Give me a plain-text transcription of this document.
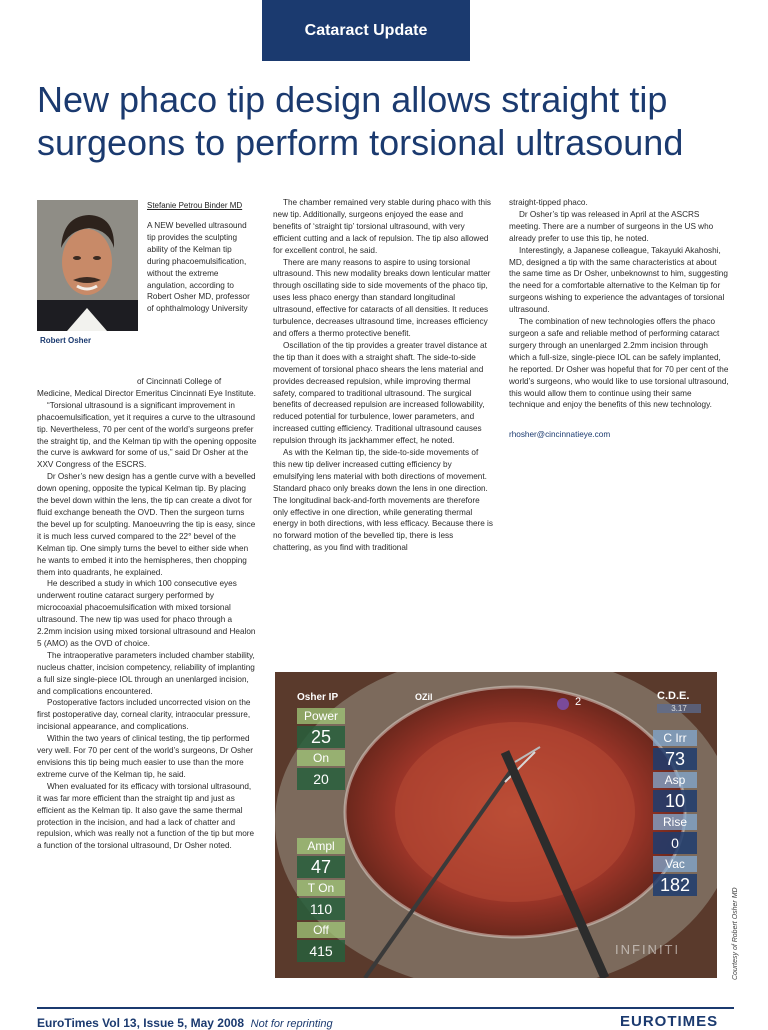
Cataract Update
New phaco tip design allows straight tip surgeons to perform torsional ultrasound
Robert Osher
Stefanie Petrou Binder MD

A NEW bevelled ultrasound tip provides the sculpting ability of the Kelman tip during phacoemulsification, without the extreme angulation, according to Robert Osher MD, professor of ophthalmology University

of Cincinnati College of Medicine, Medical Director Emeritus Cincinnati Eye Institute.

“Torsional ultrasound is a significant improvement in phacoemulsification, yet it requires a curve to the ultrasound tip. Nevertheless, 70 per cent of the world’s surgeons prefer the straight tip, and the Kelman tip with the opening opposite the curve is awkward for some of us,” said Dr Osher at the XXV Congress of the ESCRS.

Dr Osher’s new design has a gentle curve with a bevelled down opening, opposite the typical Kelman tip. By placing the bevel down within the lens, the tip can create a divot for fluid exchange beneath the OVD. Then the surgeon turns the bevel up for sculpting. Manoeuvring the tip is easy, since it is much less curved compared to the 22° bevel of the Kelman tip. One simply turns the bevel to either side when he wants to embed it into the hemispheres, then chopping them into quadrants, he explained.

He described a study in which 100 consecutive eyes underwent routine cataract surgery performed by microcoaxial phacoemulsification with mixed torsional ultrasound. The new tip was used for phaco through a 2.2mm incision using mixed torsional ultrasound and Healon 5 (AMO) as the OVD of choice.

The intraoperative parameters included chamber stability, nucleus chatter, incision competency, reliability of implanting a full size single-piece IOL through an unenlarged incision, and complications encountered.

Postoperative factors included uncorrected vision on the first postoperative day, corneal clarity, intraocular pressure, incisional appearance, and complications.

Within the two years of clinical testing, the tip performed very well. For 70 per cent of the world’s surgeons, Dr Osher envisions this tip being much easier to use than the more extreme curve of the Kelman tip, he said.

When evaluated for its efficacy with torsional ultrasound, it was far more efficient than the straight tip and just as efficient as the Kelman tip. It also gave the same thermal protection in the incision, and had a lack of chatter and repulsion, which was really not a function of the tip but more a function of the torsional ultrasound, Dr Osher noted.

The chamber remained very stable during phaco with this new tip. Additionally, surgeons enjoyed the ease and benefits of ‘straight tip’ torsional ultrasound, with very efficient cutting and a lack of repulsion. The tip also allowed for excellent control, he said.

There are many reasons to aspire to using torsional ultrasound. This new modality breaks down lenticular matter through oscillating side to side movements of the phaco tip, uses less phaco energy than standard longitudinal ultrasound, effective for cataracts of all densities. It reduces turbulence, decreases ultrasound time, increases efficiency and offers a thermo protective benefit.

Oscillation of the tip provides a greater travel distance at the tip than it does with a straight shaft. The side-to-side movement of torsional phaco shears the lens material and provides decreased repulsion, while improving thermal safety, compared to traditional ultrasound. The surgical benefits of decreased repulsion are increased followability, reduced potential for turbulence, lower parameters, and increased cutting efficiency. Traditional ultrasound causes repulsion through its jackhammer effect, he noted.

As with the Kelman tip, the side-to-side movements of this new tip deliver increased cutting efficiency by emulsifying lens material with both directions of movement. Standard phaco only breaks down the lens in one direction. The longitudinal back-and-forth movements are therefore only effective in one direction, while generating thermal energy in both directions, with less efficacy. Because there is no forward motion of the bevelled tip, there is less chattering, as you find with traditional

straight-tipped phaco.

Dr Osher’s tip was released in April at the ASCRS meeting. There are a number of surgeons in the US who already prefer to use this tip, he noted.

Interestingly, a Japanese colleague, Takayuki Akahoshi, MD, designed a tip with the same characteristics at about the same time as Dr Osher, unbeknownst to him, suggesting the need for a comfortable alternative to the Kelman tip for surgeons wishing to experience the advantages of torsional ultrasound.

The combination of new technologies offers the phaco surgeon a safe and reliable method of performing cataract surgery through an unenlarged 2.2mm incision through which a full-size, single-piece IOL can be safely implanted, he reported. Dr Osher was hopeful that for 70 per cent of the world’s surgeons, who would like to use torsional ultrasound, this would allow them to continue using their same technique and enjoy the benefits of this new technology.

rhosher@cincinnatieye.com

Osher IP	OZil	2	C.D.E.
3.17
Power
25
On
20
Ampl
47
T On
110
Off
415
C Irr
73
Asp
10
Rise
0
Vac
182
INFINITI	Courtesy of Robert Osher MD
EuroTimes Vol 13, Issue 5, May 2008 Not for reprinting	EUROTIMES
